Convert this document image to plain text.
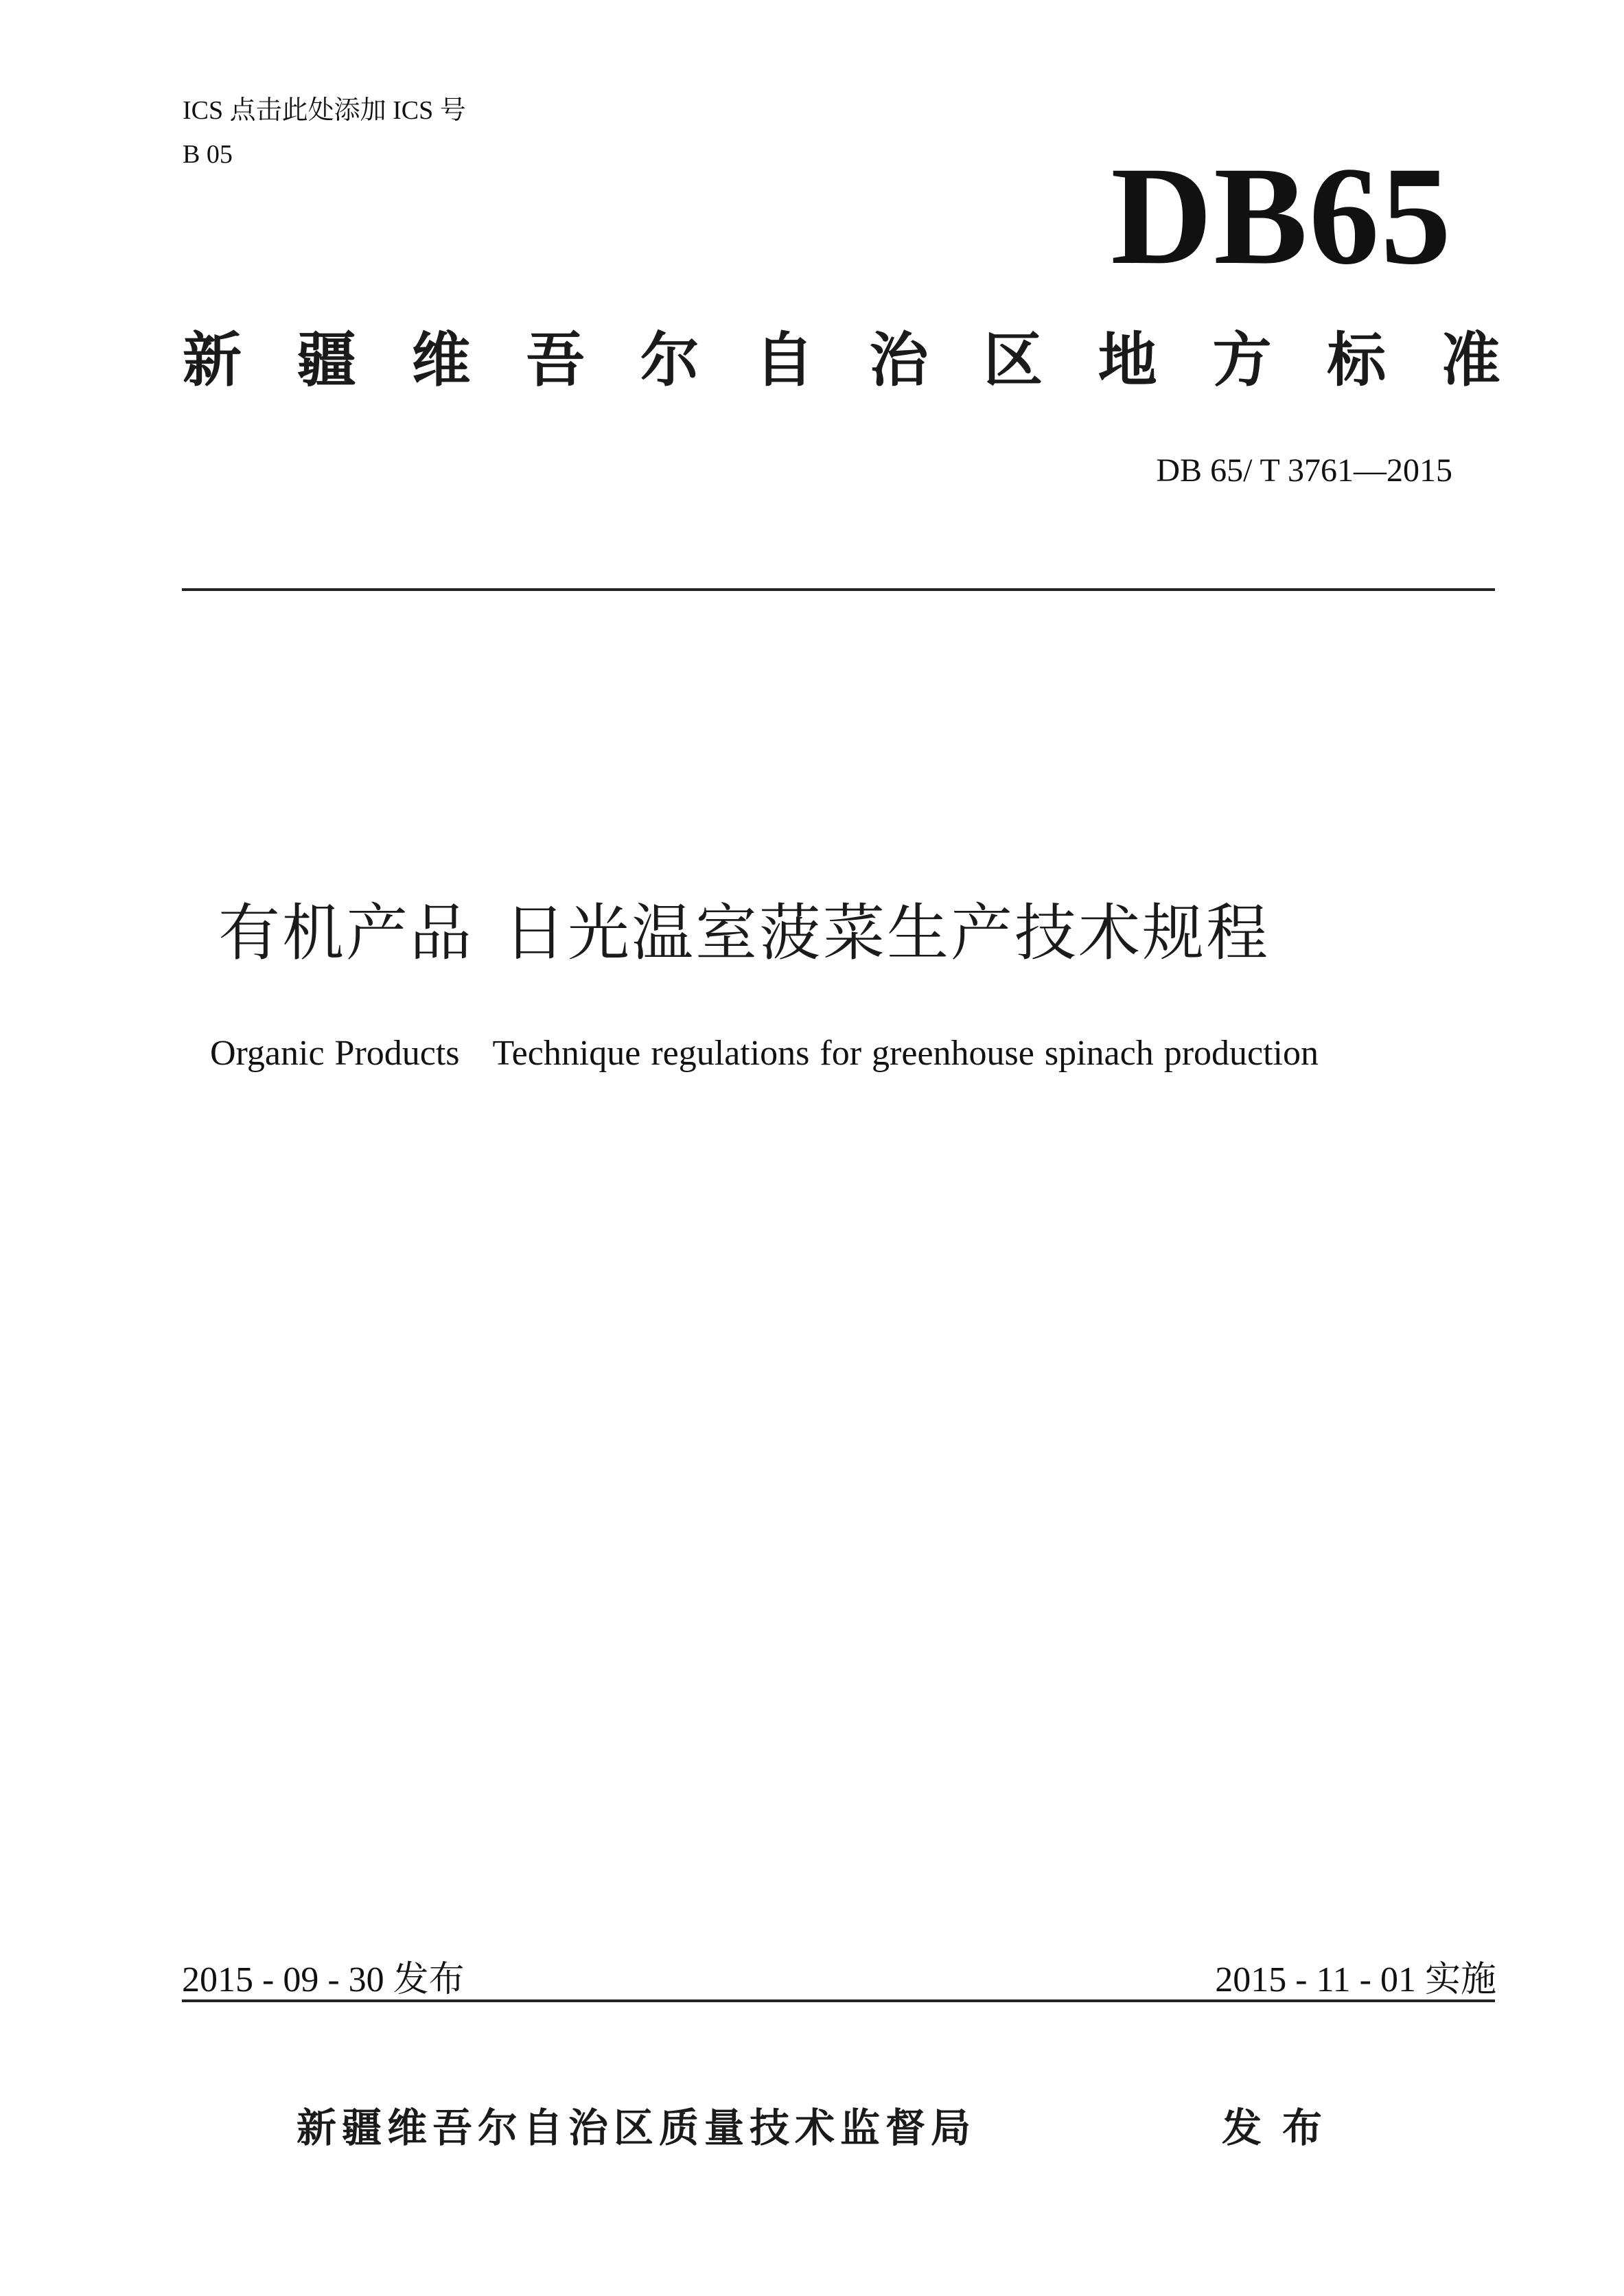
ICS 点击此处添加 ICS 号
B 05	DB65
新 疆 维 吾 尔 自 治 区 地 方 标 准
DB 65/ T 3761—2015
有机产品 日光温室菠菜生产技术规程
Organic Products Technique regulations for greenhouse spinach production
2015 - 09 - 30 发布	2015 - 11 - 01 实施
新疆维吾尔自治区质量技术监督局	发布
